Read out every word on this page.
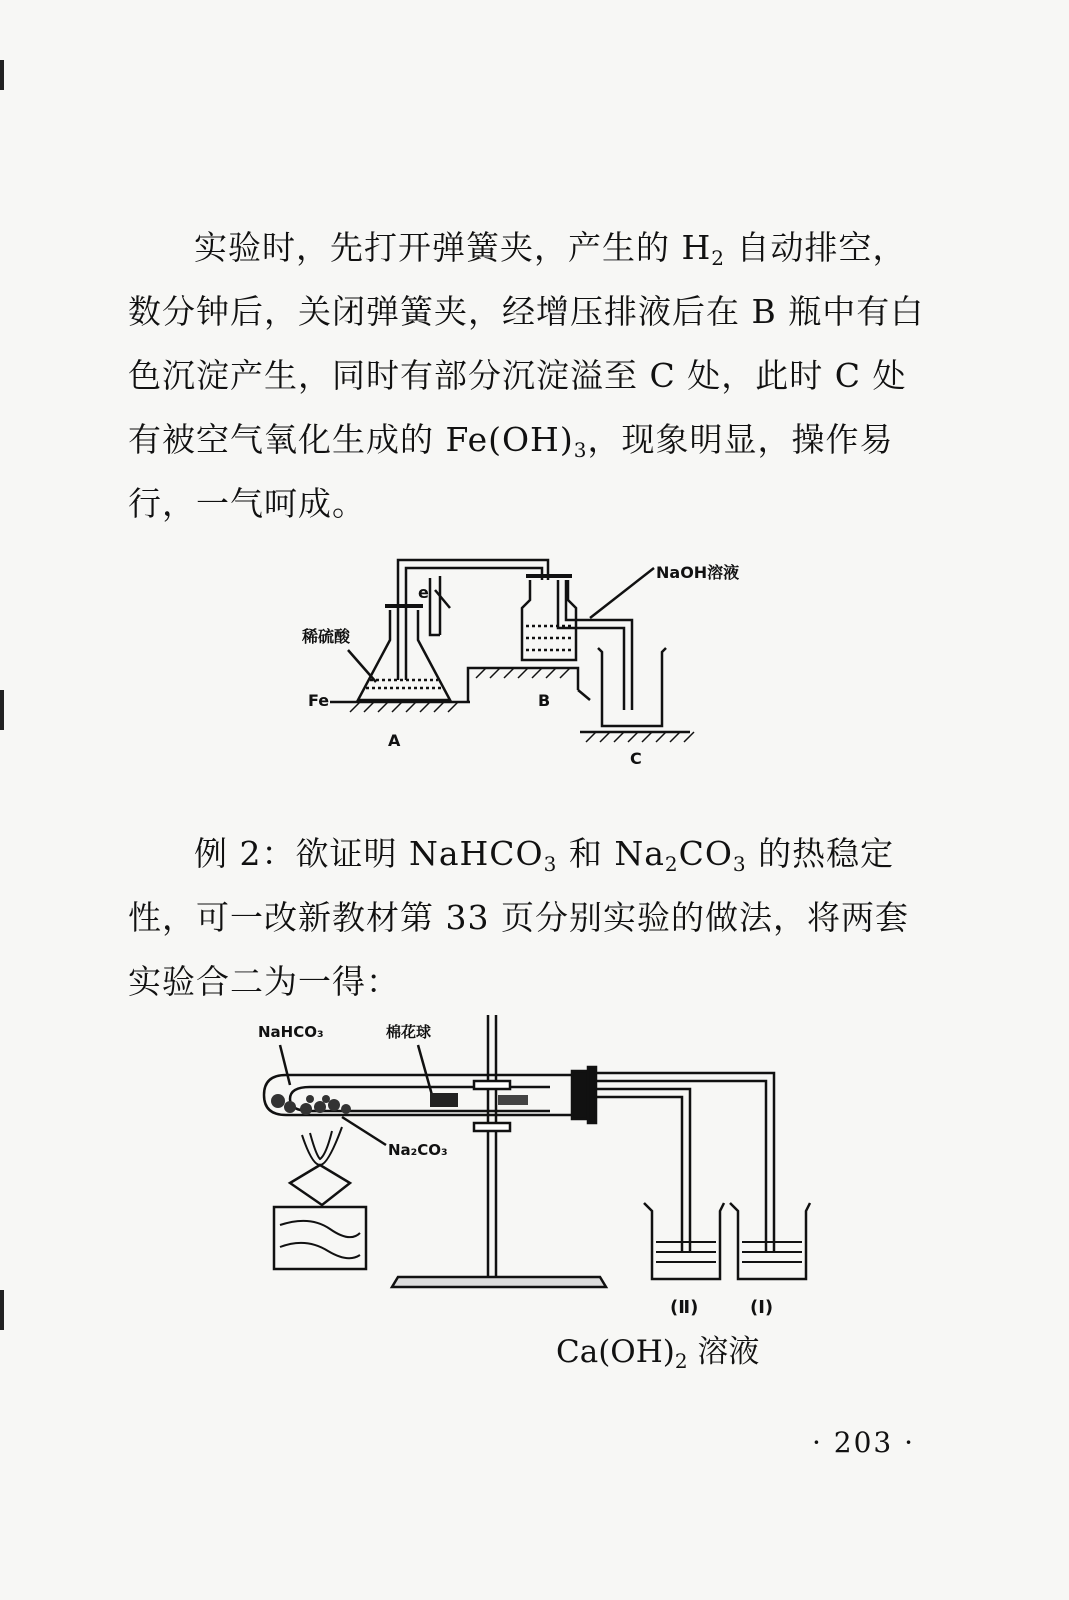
实验时，先打开弹簧夹，产生的 $H_2$ 自动排空，数分钟后，关闭弹簧夹，经增压排液后在 B 瓶中有白色沉淀产生，同时有部分沉淀溢至 C 处，此时 C 处有被空气氧化生成的 $Fe(OH)_3$，现象明显，操作易行，一气呵成。

NaOH溶液
稀硫酸
Fe
e
A
B
C

例 2：欲证明 NaHCO$_3$ 和 $Na_2CO_3$ 的热稳定性，可一改新教材第 33 页分别实验的做法，将两套实验合二为一得：

NaHCO₃	棉花球
Na₂CO₃
(Ⅱ)	(Ⅰ)

$Ca(OH)_2$ 溶液

· 203 ·
